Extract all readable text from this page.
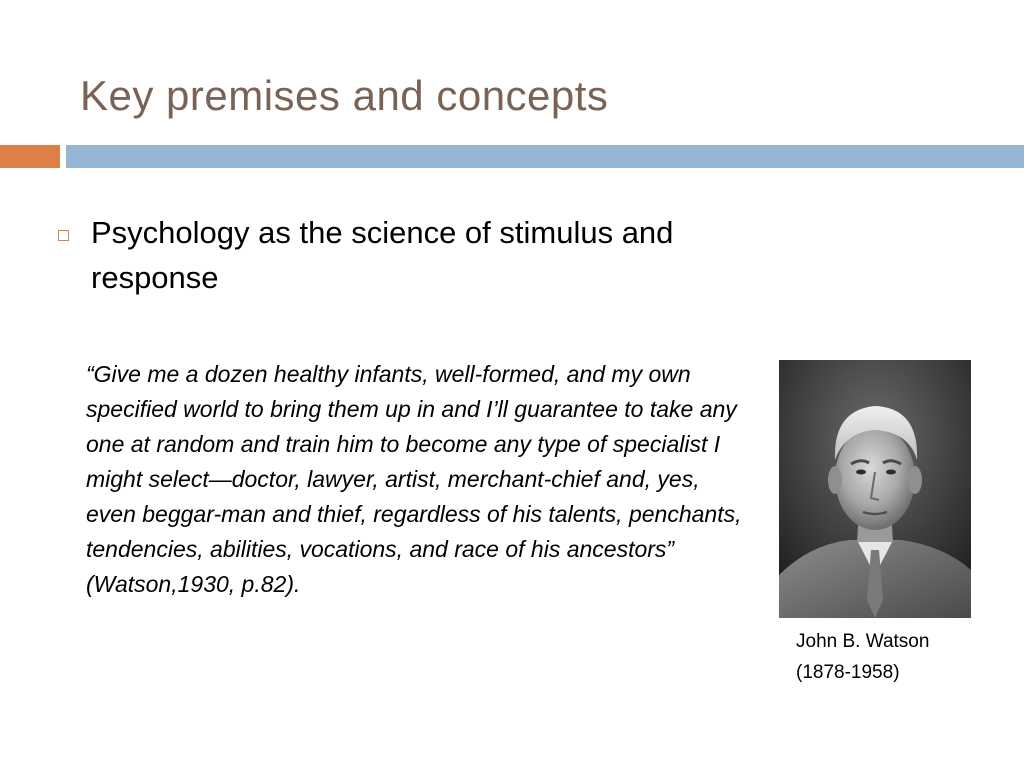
Key premises and concepts
Psychology as the science of stimulus and response
“Give me a dozen healthy infants, well-formed, and my own specified world to bring them up in and I’ll guarantee to take any one at random and train him to become any type of specialist I might select—doctor, lawyer, artist, merchant-chief and, yes, even beggar-man and thief, regardless of his talents, penchants, tendencies, abilities, vocations, and race of his ancestors” (Watson,1930, p.82).
John B. Watson
(1878-1958)
